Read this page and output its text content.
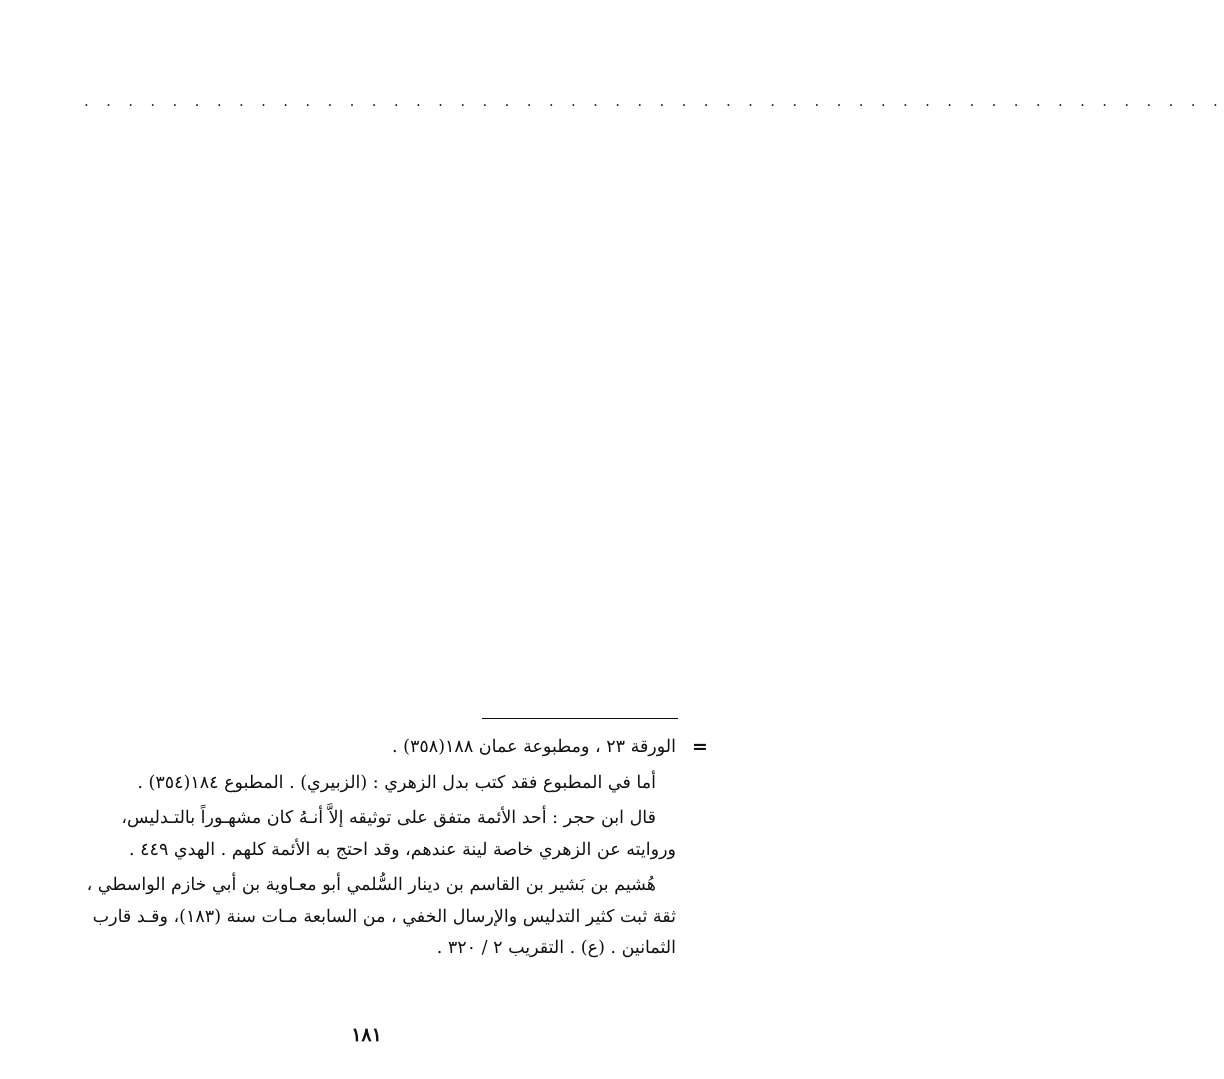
. . . . . . . . . . . . . . . . . . . . . . . . . . . . . . . . . . . . . . . . . . . . . . . . . . . .
=
الورقة ٢٣ ، ومطبوعة عمان ١٨٨(٣٥٨) .
أما في المطبوع فقد كتب بدل الزهري : (الزبيري) . المطبوع ١٨٤(٣٥٤) .
قال ابن حجر : أحد الأئمة متفق على توثيقه إلاَّ أنـهُ كان مشهـوراً بالتـدليس،
وروايته عن الزهري خاصة لينة عندهم، وقد احتج به الأئمة كلهم . الهدي ٤٤٩ .
هُشيم بن بَشير بن القاسم بن دينار السُّلمي أبو معـاوية بن أبي خازم الواسطي ،
ثقة ثبت كثير التدليس والإرسال الخفي ، من السابعة مـات سنة (١٨٣)، وقـد قارب
الثمانين . (ع) . التقريب ٢ / ٣٢٠ .
١٨١
